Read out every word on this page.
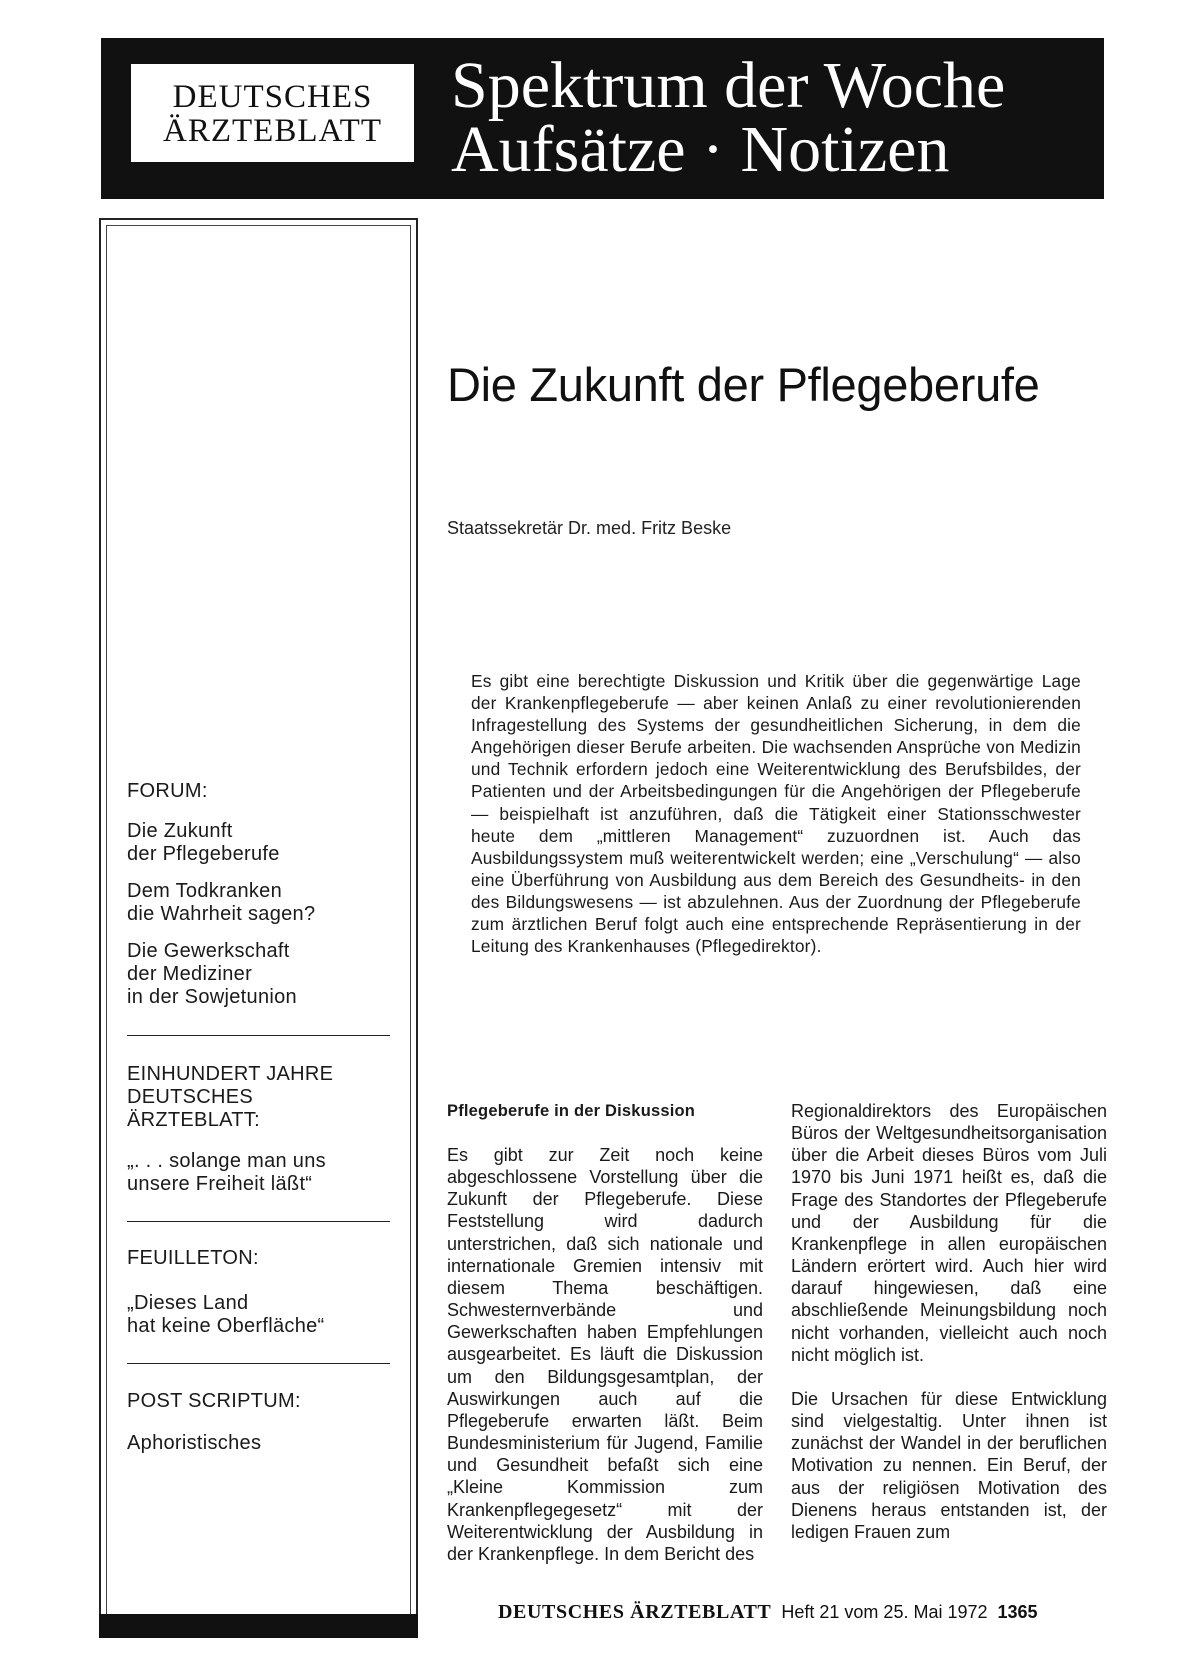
DEUTSCHES
ÄRZTEBLATT
Spektrum der Woche
Aufsätze · Notizen
FORUM:
Die Zukunft
der Pflegeberufe
Dem Todkranken
die Wahrheit sagen?
Die Gewerkschaft
der Mediziner
in der Sowjetunion
EINHUNDERT JAHRE
DEUTSCHES
ÄRZTEBLATT:
„. . . solange man uns
unsere Freiheit läßt“
FEUILLETON:
„Dieses Land
hat keine Oberfläche“
POST SCRIPTUM:
Aphoristisches
Die Zukunft der Pflegeberufe
Staatssekretär Dr. med. Fritz Beske

Es gibt eine berechtigte Diskussion und Kritik über die gegenwärtige Lage der Krankenpflegeberufe — aber keinen Anlaß zu einer revolutionierenden Infragestellung des Systems der gesundheitlichen Sicherung, in dem die Angehörigen dieser Berufe arbeiten. Die wachsenden Ansprüche von Medizin und Technik erfordern jedoch eine Weiterentwicklung des Berufsbildes, der Patienten und der Arbeitsbedingungen für die Angehörigen der Pflegeberufe — beispielhaft ist anzuführen, daß die Tätigkeit einer Stationsschwester heute dem „mittleren Management“ zuzuordnen ist. Auch das Ausbildungssystem muß weiterentwickelt werden; eine „Verschulung“ — also eine Überführung von Ausbildung aus dem Bereich des Gesundheits- in den des Bildungswesens — ist abzulehnen. Aus der Zuordnung der Pflegeberufe zum ärztlichen Beruf folgt auch eine entsprechende Repräsentierung in der Leitung des Krankenhauses (Pflegedirektor).

Pflegeberufe in der Diskussion

Es gibt zur Zeit noch keine abgeschlossene Vorstellung über die Zukunft der Pflegeberufe. Diese Feststellung wird dadurch unterstrichen, daß sich nationale und internationale Gremien intensiv mit diesem Thema beschäftigen. Schwesternverbände und Gewerkschaften haben Empfehlungen ausgearbeitet. Es läuft die Diskussion um den Bildungsgesamtplan, der Auswirkungen auch auf die Pflegeberufe erwarten läßt. Beim Bundesministerium für Jugend, Familie und Gesundheit befaßt sich eine „Kleine Kommission zum Krankenpflegegesetz“ mit der Weiterentwicklung der Ausbildung in der Krankenpflege. In dem Bericht des

Regionaldirektors des Europäischen Büros der Weltgesundheitsorganisation über die Arbeit dieses Büros vom Juli 1970 bis Juni 1971 heißt es, daß die Frage des Standortes der Pflegeberufe und der Ausbildung für die Krankenpflege in allen europäischen Ländern erörtert wird. Auch hier wird darauf hingewiesen, daß eine abschließende Meinungsbildung noch nicht vorhanden, vielleicht auch noch nicht möglich ist.

Die Ursachen für diese Entwicklung sind vielgestaltig. Unter ihnen ist zunächst der Wandel in der beruflichen Motivation zu nennen. Ein Beruf, der aus der religiösen Motivation des Dienens heraus entstanden ist, der ledigen Frauen zum

DEUTSCHES ÄRZTEBLATT Heft 21 vom 25. Mai 1972 1365
